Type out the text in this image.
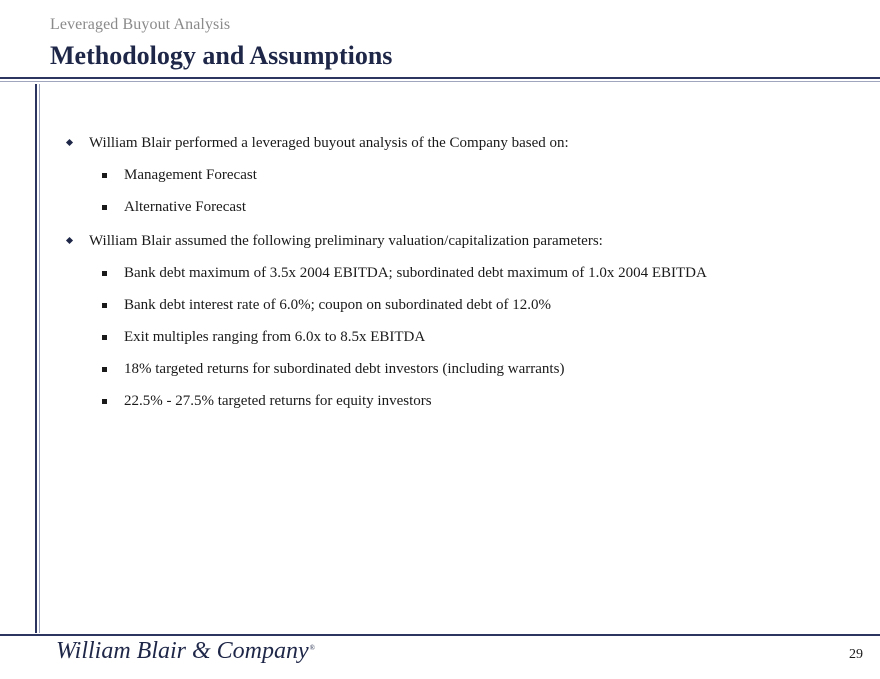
Leveraged Buyout Analysis
Methodology and Assumptions
William Blair performed a leveraged buyout analysis of the Company based on:
Management Forecast
Alternative Forecast
William Blair assumed the following preliminary valuation/capitalization parameters:
Bank debt maximum of 3.5x 2004 EBITDA; subordinated debt maximum of 1.0x 2004 EBITDA
Bank debt interest rate of 6.0%; coupon on subordinated debt of 12.0%
Exit multiples ranging from 6.0x to 8.5x EBITDA
18% targeted returns for subordinated debt investors (including warrants)
22.5% - 27.5% targeted returns for equity investors
William Blair & Company®	29
